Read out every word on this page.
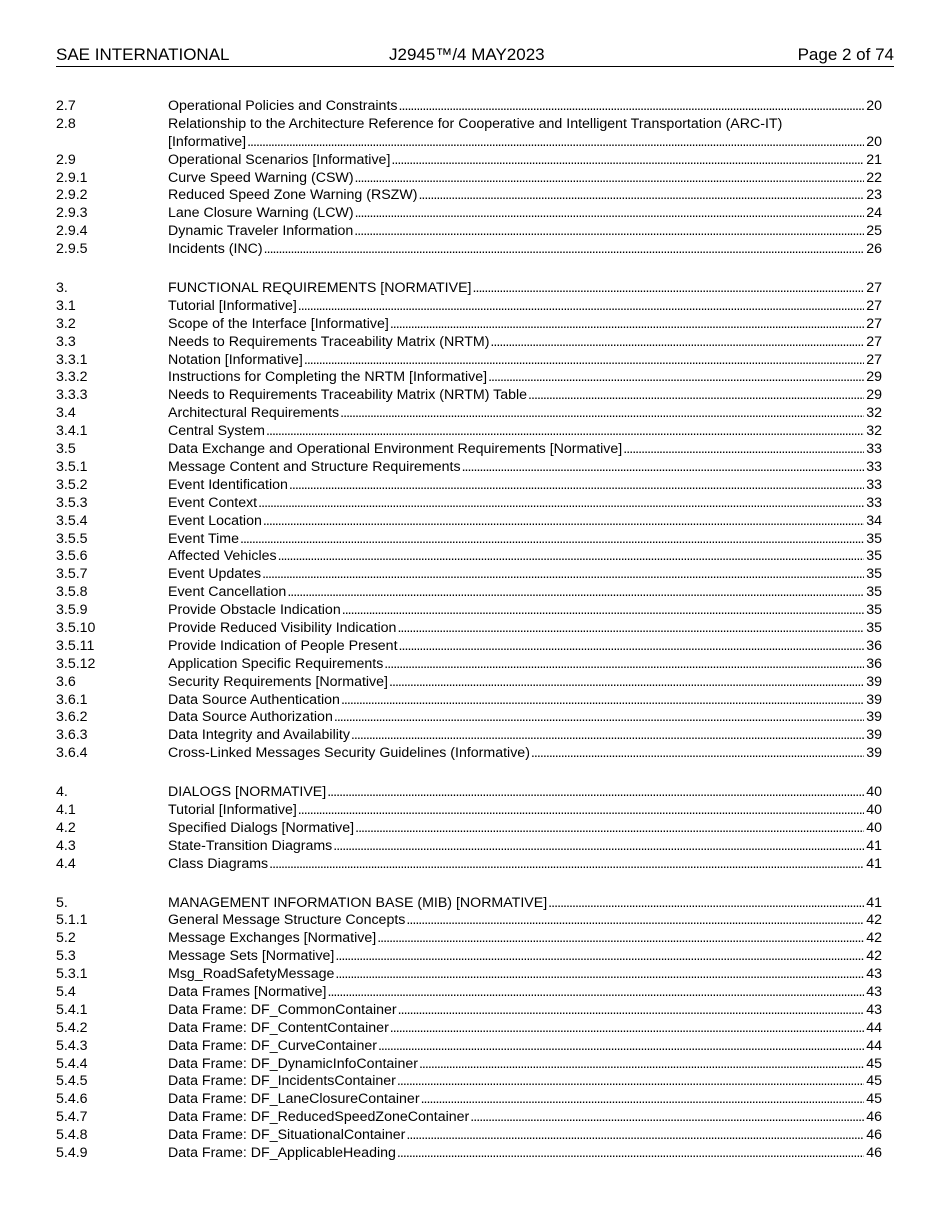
SAE INTERNATIONAL	J2945™/4 MAY2023	Page 2 of 74
2.7	Operational Policies and Constraints . . .	20
2.8	Relationship to the Architecture Reference for Cooperative and Intelligent Transportation (ARC-IT)
[Informative] . . .	20
2.9	Operational Scenarios [Informative] . . .	21
2.9.1	Curve Speed Warning (CSW) . . .	22
2.9.2	Reduced Speed Zone Warning (RSZW) . . .	23
2.9.3	Lane Closure Warning (LCW) . . .	24
2.9.4	Dynamic Traveler Information . . .	25
2.9.5	Incidents (INC) . . .	26
3.	FUNCTIONAL REQUIREMENTS [NORMATIVE] . . .	27
3.1	Tutorial [Informative] . . .	27
3.2	Scope of the Interface [Informative] . . .	27
3.3	Needs to Requirements Traceability Matrix (NRTM) . . .	27
3.3.1	Notation [Informative] . . .	27
3.3.2	Instructions for Completing the NRTM [Informative] . . .	29
3.3.3	Needs to Requirements Traceability Matrix (NRTM) Table . . .	29
3.4	Architectural Requirements . . .	32
3.4.1	Central System . . .	32
3.5	Data Exchange and Operational Environment Requirements [Normative] . . .	33
3.5.1	Message Content and Structure Requirements . . .	33
3.5.2	Event Identification . . .	33
3.5.3	Event Context . . .	33
3.5.4	Event Location . . .	34
3.5.5	Event Time . . .	35
3.5.6	Affected Vehicles . . .	35
3.5.7	Event Updates . . .	35
3.5.8	Event Cancellation . . .	35
3.5.9	Provide Obstacle Indication . . .	35
3.5.10	Provide Reduced Visibility Indication . . .	35
3.5.11	Provide Indication of People Present . . .	36
3.5.12	Application Specific Requirements . . .	36
3.6	Security Requirements [Normative] . . .	39
3.6.1	Data Source Authentication . . .	39
3.6.2	Data Source Authorization . . .	39
3.6.3	Data Integrity and Availability . . .	39
3.6.4	Cross-Linked Messages Security Guidelines (Informative) . . .	39
4.	DIALOGS [NORMATIVE] . . .	40
4.1	Tutorial [Informative] . . .	40
4.2	Specified Dialogs [Normative] . . .	40
4.3	State-Transition Diagrams . . .	41
4.4	Class Diagrams . . .	41
5.	MANAGEMENT INFORMATION BASE (MIB) [NORMATIVE] . . .	41
5.1.1	General Message Structure Concepts . . .	42
5.2	Message Exchanges [Normative] . . .	42
5.3	Message Sets [Normative] . . .	42
5.3.1	Msg_RoadSafetyMessage . . .	43
5.4	Data Frames [Normative] . . .	43
5.4.1	Data Frame: DF_CommonContainer . . .	43
5.4.2	Data Frame: DF_ContentContainer . . .	44
5.4.3	Data Frame: DF_CurveContainer . . .	44
5.4.4	Data Frame: DF_DynamicInfoContainer . . .	45
5.4.5	Data Frame: DF_IncidentsContainer . . .	45
5.4.6	Data Frame: DF_LaneClosureContainer . . .	45
5.4.7	Data Frame: DF_ReducedSpeedZoneContainer . . .	46
5.4.8	Data Frame: DF_SituationalContainer . . .	46
5.4.9	Data Frame: DF_ApplicableHeading . . .	46
